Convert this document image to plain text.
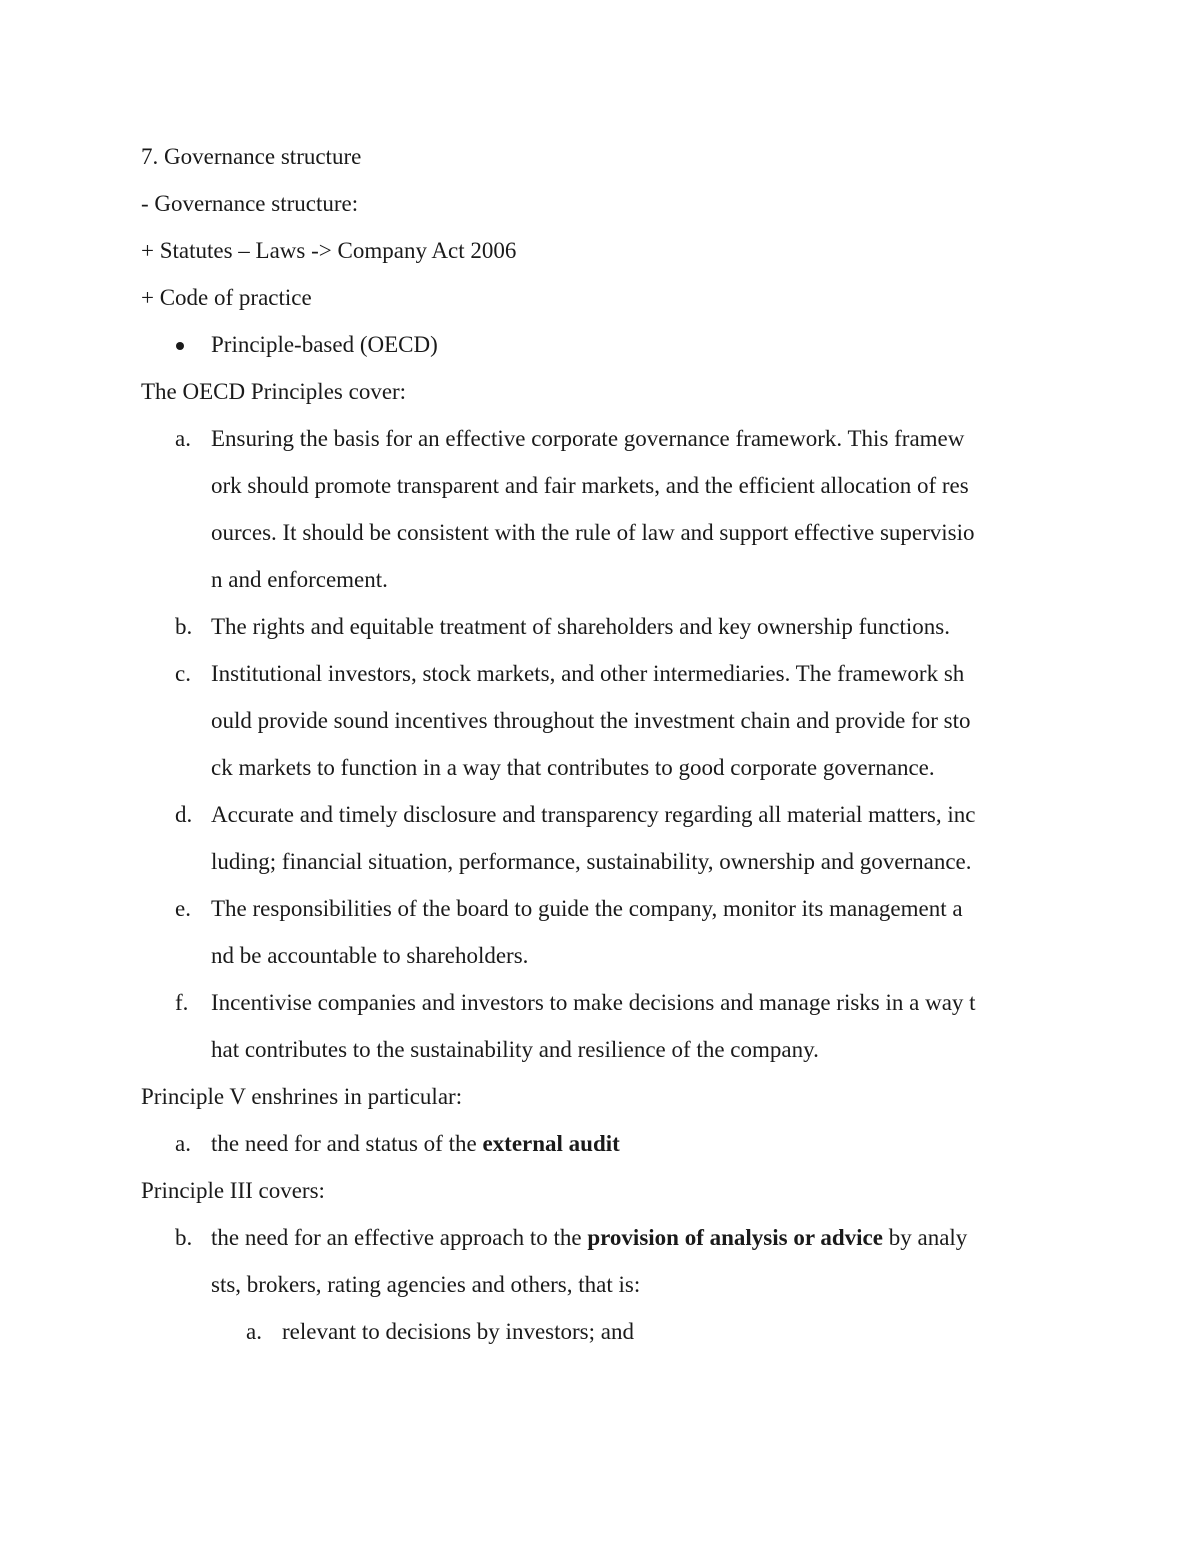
7. Governance structure
- Governance structure:
+ Statutes – Laws -> Company Act 2006
+ Code of practice
Principle-based (OECD)
The OECD Principles cover:
a. Ensuring the basis for an effective corporate governance framework. This framew
ork should promote transparent and fair markets, and the efficient allocation of res
ources. It should be consistent with the rule of law and support effective supervisio
n and enforcement.
b. The rights and equitable treatment of shareholders and key ownership functions.
c. Institutional investors, stock markets, and other intermediaries. The framework sh
ould provide sound incentives throughout the investment chain and provide for sto
ck markets to function in a way that contributes to good corporate governance.
d. Accurate and timely disclosure and transparency regarding all material matters, inc
luding; financial situation, performance, sustainability, ownership and governance.
e. The responsibilities of the board to guide the company, monitor its management a
nd be accountable to shareholders.
f. Incentivise companies and investors to make decisions and manage risks in a way t
hat contributes to the sustainability and resilience of the company.
Principle V enshrines in particular:
a. the need for and status of the external audit
Principle III covers:
b. the need for an effective approach to the provision of analysis or advice by analy
sts, brokers, rating agencies and others, that is:
a. relevant to decisions by investors; and
